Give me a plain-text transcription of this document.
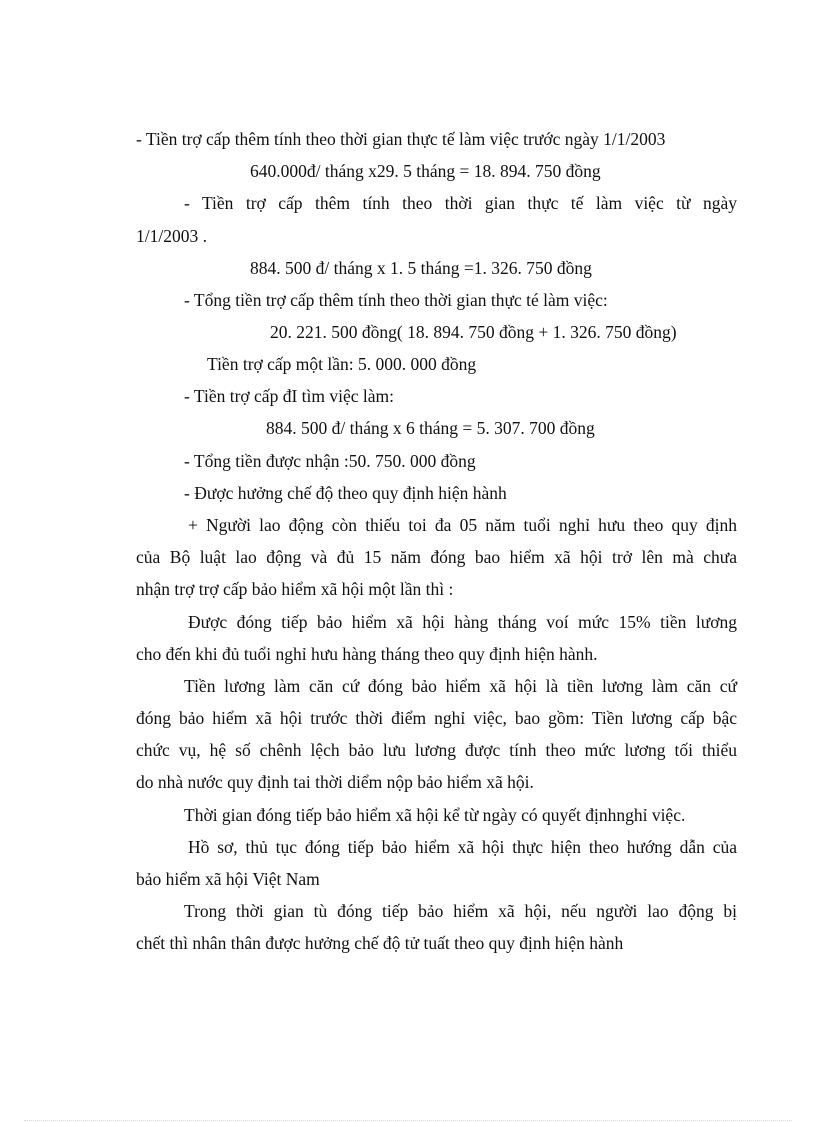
- Tiền trợ cấp thêm tính theo thời gian thực tế làm việc trước ngày 1/1/2003
640.000đ/ tháng x29. 5 tháng = 18. 894. 750 đồng
- Tiền trợ cấp thêm tính theo thời gian thực tế làm việc từ ngày
1/1/2003 .
884. 500 đ/ tháng x 1. 5 tháng =1. 326. 750 đồng
- Tổng tiền trợ cấp thêm tính theo thời gian thực té làm việc:
20. 221. 500 đồng( 18. 894. 750 đồng + 1. 326. 750 đồng)
Tiền trợ cấp một lần: 5. 000. 000 đồng
- Tiền trợ cấp đI tìm việc làm:
884. 500 đ/ tháng x 6 tháng = 5. 307. 700 đồng
- Tổng tiền được nhận :50. 750. 000 đồng
- Được hưởng chế độ theo quy định hiện hành
+ Người lao động còn thiếu toi đa 05 năm tuổi nghỉ hưu theo quy định
của Bộ luật lao động và đủ 15 năm đóng bao hiểm xã hội trở lên mà chưa
nhận trợ trợ cấp bảo hiểm xã hội một lần thì :
Được đóng tiếp bảo hiểm xã hội hàng tháng voí mức 15% tiền lương
cho đến khi đủ tuổi nghỉ hưu hàng tháng theo quy định hiện hành.
Tiền lương làm căn cứ đóng bảo hiểm xã hội là tiền lương làm căn cứ
đóng bảo hiểm xã hội trước thời điểm nghỉ việc, bao gồm: Tiền lương cấp bậc
chức vụ, hệ số chênh lệch bảo lưu lương được tính theo mức lương tối thiểu
do nhà nước quy định tai thời diểm nộp bảo hiểm xã hội.
Thời gian đóng tiếp bảo hiểm xã hội kể từ ngày có quyết địnhnghỉ việc.
Hồ sơ, thủ tục đóng tiếp bảo hiểm xã hội thực hiện theo hướng dẫn của
bảo hiểm xã hội Việt Nam
Trong thời gian tù đóng tiếp bảo hiểm xã hội, nếu người lao động bị
chết thì nhân thân được hưởng chế độ tử tuất theo quy định hiện hành
